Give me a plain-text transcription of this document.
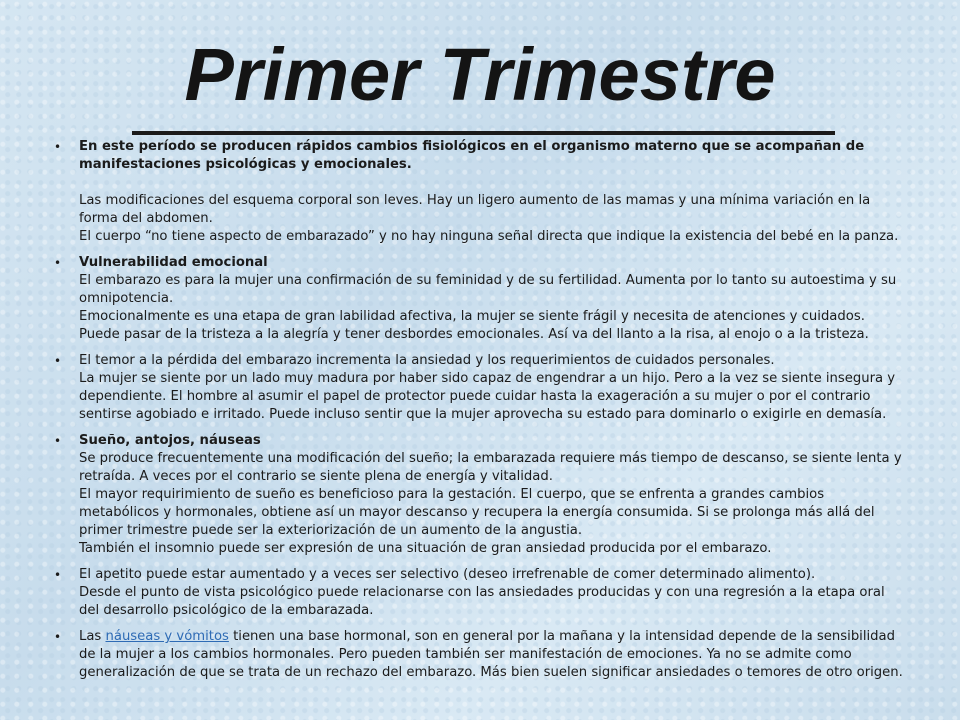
Primer Trimestre
• En este período se producen rápidos cambios fisiológicos en el organismo materno que se acompañan de manifestaciones psicológicas y emocionales.

Las modificaciones del esquema corporal son leves. Hay un ligero aumento de las mamas y una mínima variación en la forma del abdomen.

El cuerpo “no tiene aspecto de embarazado” y no hay ninguna señal directa que indique la existencia del bebé en la panza.

• Vulnerabilidad emocional

El embarazo es para la mujer una confirmación de su feminidad y de su fertilidad. Aumenta por lo tanto su autoestima y su omnipotencia.

Emocionalmente es una etapa de gran labilidad afectiva, la mujer se siente frágil y necesita de atenciones y cuidados. Puede pasar de la tristeza a la alegría y tener desbordes emocionales. Así va del llanto a la risa, al enojo o a la tristeza.

• El temor a la pérdida del embarazo incrementa la ansiedad y los requerimientos de cuidados personales.

La mujer se siente por un lado muy madura por haber sido capaz de engendrar a un hijo. Pero a la vez se siente insegura y dependiente. El hombre al asumir el papel de protector puede cuidar hasta la exageración a su mujer o por el contrario sentirse agobiado e irritado. Puede incluso sentir que la mujer aprovecha su estado para dominarlo o exigirle en demasía.

• Sueño, antojos, náuseas

Se produce frecuentemente una modificación del sueño; la embarazada requiere más tiempo de descanso, se siente lenta y retraída. A veces por el contrario se siente plena de energía y vitalidad.

El mayor requirimiento de sueño es beneficioso para la gestación. El cuerpo, que se enfrenta a grandes cambios metabólicos y hormonales, obtiene así un mayor descanso y recupera la energía consumida. Si se prolonga más allá del primer trimestre puede ser la exteriorización de un aumento de la angustia.

También el insomnio puede ser expresión de una situación de gran ansiedad producida por el embarazo.

• El apetito puede estar aumentado y a veces ser selectivo (deseo irrefrenable de comer determinado alimento).

Desde el punto de vista psicológico puede relacionarse con las ansiedades producidas y con una regresión a la etapa oral del desarrollo psicológico de la embarazada.

• Las náuseas y vómitos tienen una base hormonal, son en general por la mañana y la intensidad depende de la sensibilidad de la mujer a los cambios hormonales. Pero pueden también ser manifestación de emociones. Ya no se admite como generalización de que se trata de un rechazo del embarazo. Más bien suelen significar ansiedades o temores de otro origen.
